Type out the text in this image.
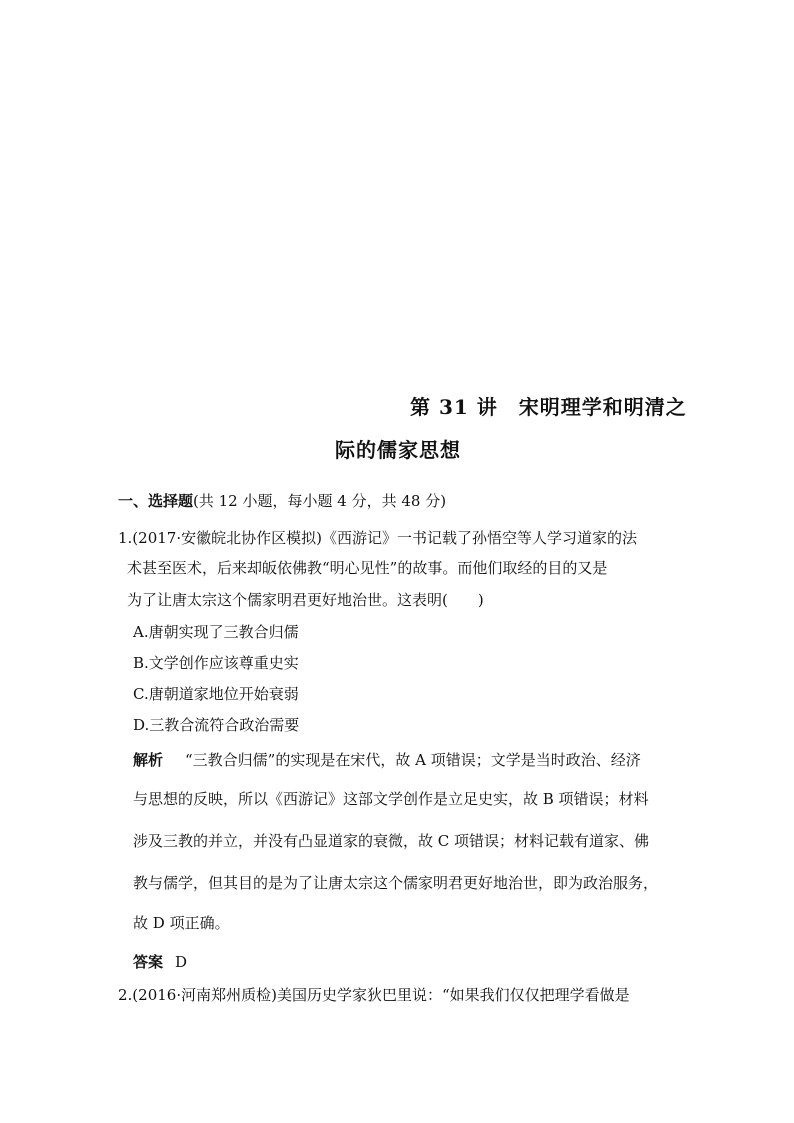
第 31 讲　宋明理学和明清之
际的儒家思想
一、选择题(共 12 小题，每小题 4 分，共 48 分)
1.(2017·安徽皖北协作区模拟)《西游记》一书记载了孙悟空等人学习道家的法
术甚至医术，后来却皈依佛教“明心见性”的故事。而他们取经的目的又是
为了让唐太宗这个儒家明君更好地治世。这表明(　　)
A.唐朝实现了三教合归儒
B.文学创作应该尊重史实
C.唐朝道家地位开始衰弱
D.三教合流符合政治需要
解析 “三教合归儒”的实现是在宋代，故 A 项错误；文学是当时政治、经济
与思想的反映，所以《西游记》这部文学创作是立足史实，故 B 项错误；材料
涉及三教的并立，并没有凸显道家的衰微，故 C 项错误；材料记载有道家、佛
教与儒学，但其目的是为了让唐太宗这个儒家明君更好地治世，即为政治服务，
故 D 项正确。
答案 D
2.(2016·河南郑州质检)美国历史学家狄巴里说：“如果我们仅仅把理学看做是
